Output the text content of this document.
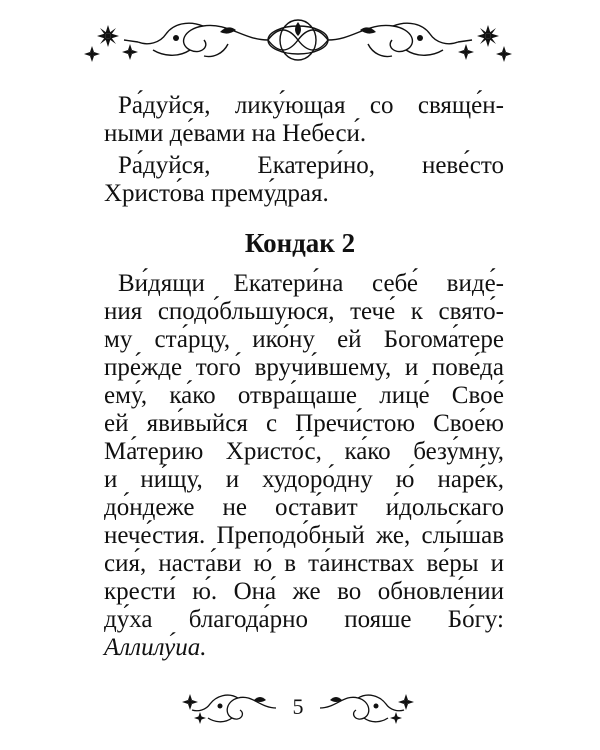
Ра́дуйся, лику́ющая со свяще́н-
ными де́вами на Небеси́.
Ра́дуйся, Екатери́но, неве́сто
Христо́ва прему́драя.
Кондак 2
Ви́дящи Екатери́на себе́ виде́-
ния сподо́бльшуюся, тече́ к свято́-
му ста́рцу, ико́ну ей Богома́тере
пре́жде того́ вручи́вшему, и пове́да
ему́, ка́ко отвра́щаше лице́ Свое́
ей яви́выйся с Пречи́стою Свое́ю
Ма́терию Христо́с, ка́ко безу́мну,
и ни́щу, и худоро́дну ю́ наре́к,
до́ндеже не оста́вит и́дольскаго
нече́стия. Преподо́бный же, слы́шав
сия́, наста́ви ю́ в та́инствах ве́ры и
крести́ ю́. Она́ же во обновле́нии
ду́ха благода́рно пояше Бо́гу:
Аллилу́иа.
5
